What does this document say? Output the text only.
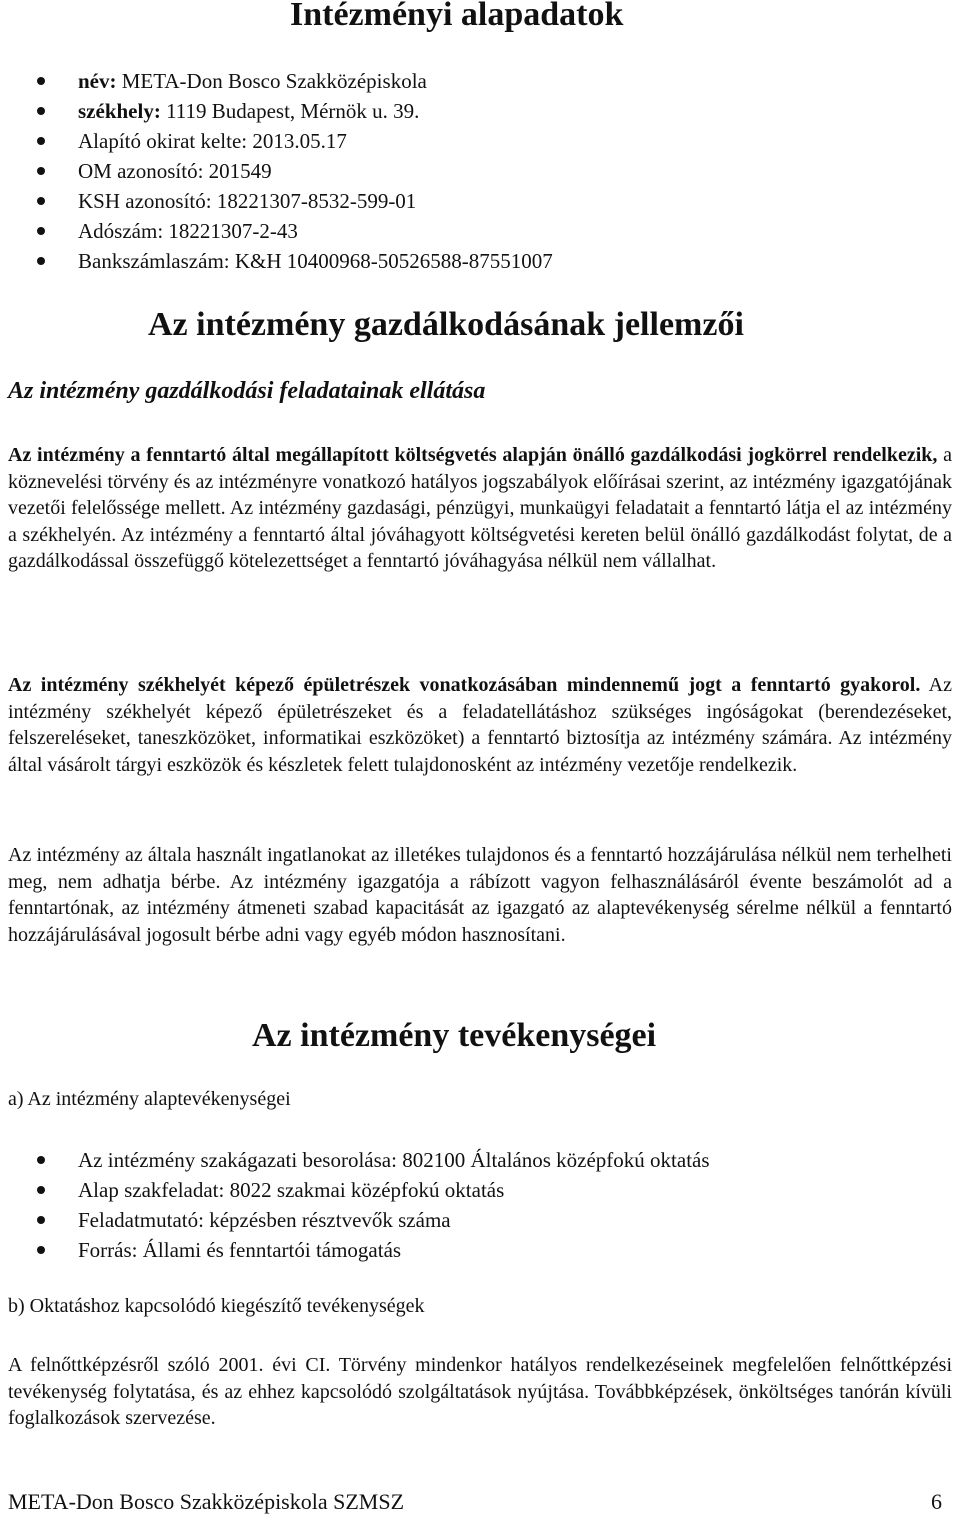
Intézményi alapadatok
név: META-Don Bosco Szakközépiskola
székhely: 1119 Budapest, Mérnök u. 39.
Alapító okirat kelte: 2013.05.17
OM azonosító: 201549
KSH azonosító: 18221307-8532-599-01
Adószám: 18221307-2-43
Bankszámlaszám: K&H 10400968-50526588-87551007
Az intézmény gazdálkodásának jellemzői
Az intézmény gazdálkodási feladatainak ellátása

Az intézmény a fenntartó által megállapított költségvetés alapján önálló gazdálkodási jogkörrel rendelkezik, a köznevelési törvény és az intézményre vonatkozó hatályos jogszabályok előírásai szerint, az intézmény igazgatójának vezetői felelőssége mellett. Az intézmény gazdasági, pénzügyi, munkaügyi feladatait a fenntartó látja el az intézmény a székhelyén. Az intézmény a fenntartó által jóváhagyott költségvetési kereten belül önálló gazdálkodást folytat, de a gazdálkodással összefüggő kötelezettséget a fenntartó jóváhagyása nélkül nem vállalhat.

Az intézmény székhelyét képező épületrészek vonatkozásában mindennemű jogt a fenntartó gyakorol. Az intézmény székhelyét képező épületrészeket és a feladatellátáshoz szükséges ingóságokat (berendezéseket, felszereléseket, taneszközöket, informatikai eszközöket) a fenntartó biztosítja az intézmény számára. Az intézmény által vásárolt tárgyi eszközök és készletek felett tulajdonosként az intézmény vezetője rendelkezik.

Az intézmény az általa használt ingatlanokat az illetékes tulajdonos és a fenntartó hozzájárulása nélkül nem terhelheti meg, nem adhatja bérbe. Az intézmény igazgatója a rábízott vagyon felhasználásáról évente beszámolót ad a fenntartónak, az intézmény átmeneti szabad kapacitását az igazgató az alaptevékenység sérelme nélkül a fenntartó hozzájárulásával jogosult bérbe adni vagy egyéb módon hasznosítani.

Az intézmény tevékenységei

a) Az intézmény alaptevékenységei

Az intézmény szakágazati besorolása: 802100 Általános középfokú oktatás
Alap szakfeladat: 8022 szakmai középfokú oktatás
Feladatmutató: képzésben résztvevők száma
Forrás: Állami és fenntartói támogatás

b) Oktatáshoz kapcsolódó kiegészítő tevékenységek

A felnőttképzésről szóló 2001. évi CI. Törvény mindenkor hatályos rendelkezéseinek megfelelően felnőttképzési tevékenység folytatása, és az ehhez kapcsolódó szolgáltatások nyújtása. Továbbképzések, önköltséges tanórán kívüli foglalkozások szervezése.

META-Don Bosco Szakközépiskola SZMSZ	6
